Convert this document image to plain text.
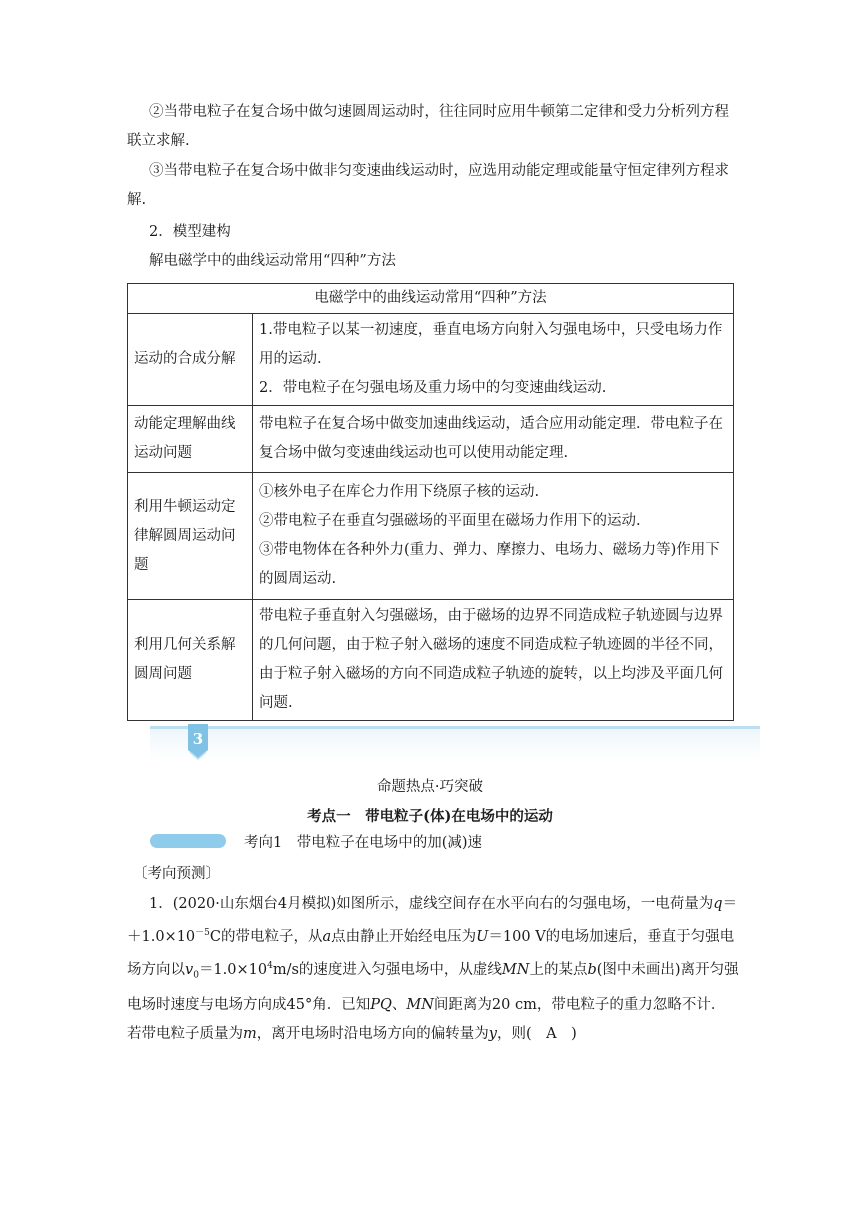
②当带电粒子在复合场中做匀速圆周运动时，往往同时应用牛顿第二定律和受力分析列方程联立求解.
③当带电粒子在复合场中做非匀变速曲线运动时，应选用动能定理或能量守恒定律列方程求解.
2．模型建构
解电磁学中的曲线运动常用“四种”方法
电磁学中的曲线运动常用“四种”方法	
运动的合成分解	1.带电粒子以某一初速度，垂直电场方向射入匀强电场中，只受电场力作用的运动.
2．带电粒子在匀强电场及重力场中的匀变速曲线运动.

动能定理解曲线运动问题	带电粒子在复合场中做变加速曲线运动，适合应用动能定理．带电粒子在复合场中做匀变速曲线运动也可以使用动能定理.
利用牛顿运动定律解圆周运动问题	①核外电子在库仑力作用下绕原子核的运动.
②带电粒子在垂直匀强磁场的平面里在磁场力作用下的运动.
③带电物体在各种外力(重力、弹力、摩擦力、电场力、磁场力等)作用下的圆周运动.

利用几何关系解圆周问题	带电粒子垂直射入匀强磁场，由于磁场的边界不同造成粒子轨迹圆与边界的几何问题，由于粒子射入磁场的速度不同造成粒子轨迹圆的半径不同，由于粒子射入磁场的方向不同造成粒子轨迹的旋转，以上均涉及平面几何问题.
3
命题热点·巧突破
考点一　带电粒子(体)在电场中的运动
考向1　带电粒子在电场中的加(减)速
〔考向预测〕
1．(2020·山东烟台4月模拟)如图所示，虚线空间存在水平向右的匀强电场，一电荷量为$q=+1.0\times 10^{-5}C$的带电粒子，从a点由静止开始经电压为U＝100 V的电场加速后，垂直于匀强电场方向以$v_0=1.0\times 10^4m/s$的速度进入匀强电场中，从虚线MN上的某点b(图中未画出)离开匀强电场时速度与电场方向成45°角．已知PQ、MN间距离为20 cm，带电粒子的重力忽略不计．若带电粒子质量为m，离开电场时沿电场方向的偏转量为y，则(　A　)
